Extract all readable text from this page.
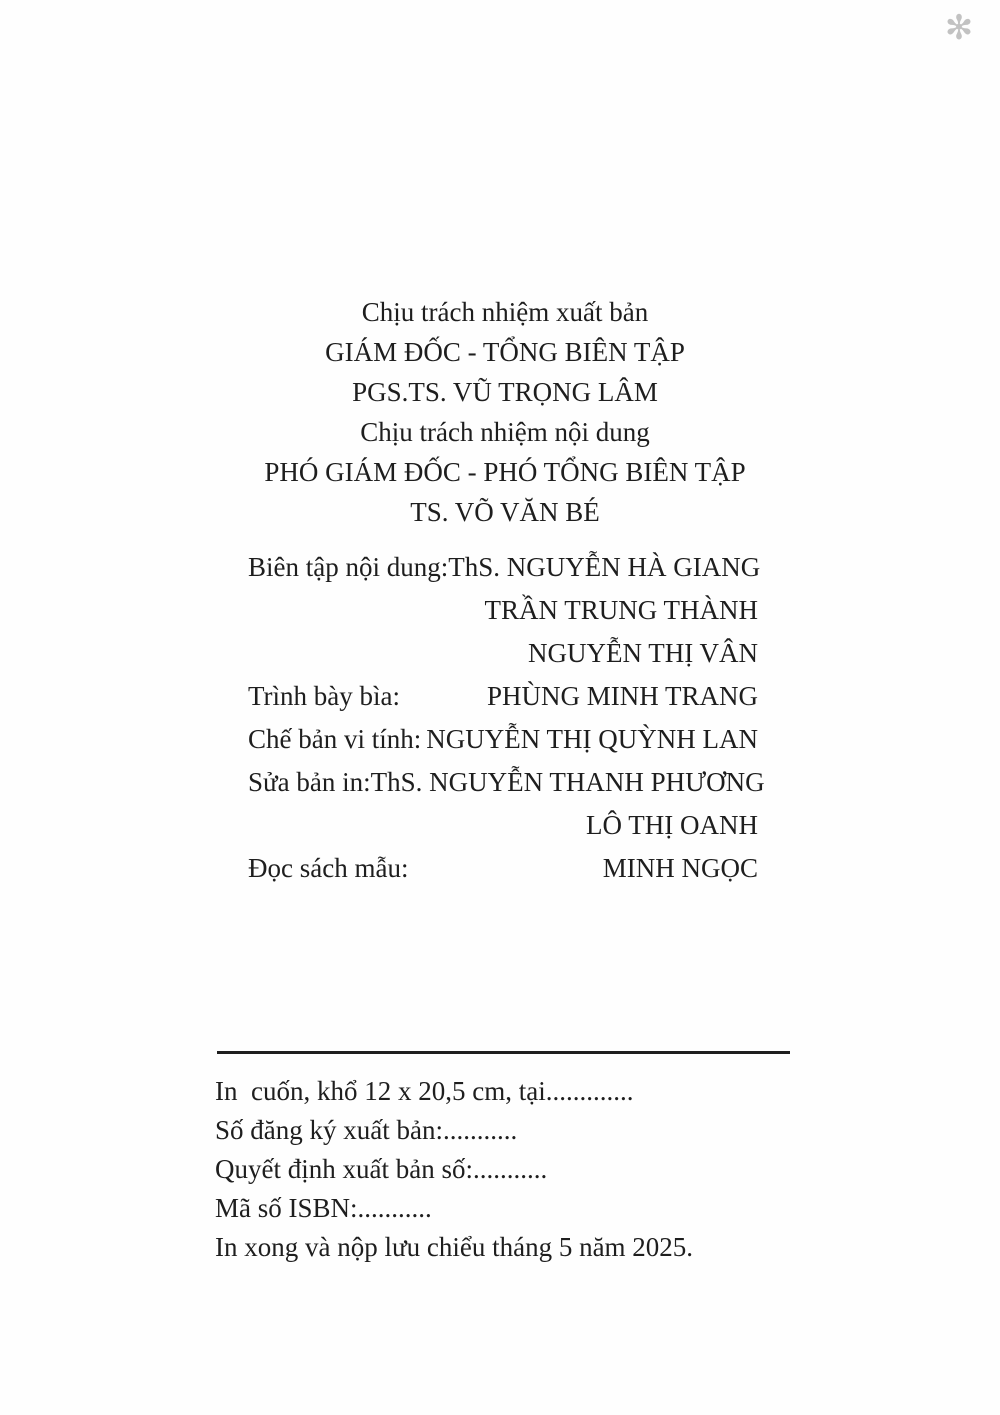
✻
Chịu trách nhiệm xuất bản
GIÁM ĐỐC - TỔNG BIÊN TẬP
PGS.TS. VŨ TRỌNG LÂM
Chịu trách nhiệm nội dung
PHÓ GIÁM ĐỐC - PHÓ TỔNG BIÊN TẬP
TS. VÕ VĂN BÉ
Biên tập nội dung: ThS. NGUYỄN HÀ GIANG
TRẦN TRUNG THÀNH
NGUYỄN THỊ VÂN
Trình bày bìa:	PHÙNG MINH TRANG
Chế bản vi tính: NGUYỄN THỊ QUỲNH LAN
Sửa bản in: ThS. NGUYỄN THANH PHƯƠNG
LÔ THỊ OANH
Đọc sách mẫu:	MINH NGỌC
In  cuốn, khổ 12 x 20,5 cm, tại.............
Số đăng ký xuất bản:...........
Quyết định xuất bản số:...........
Mã số ISBN:...........
In xong và nộp lưu chiểu tháng 5 năm 2025.
